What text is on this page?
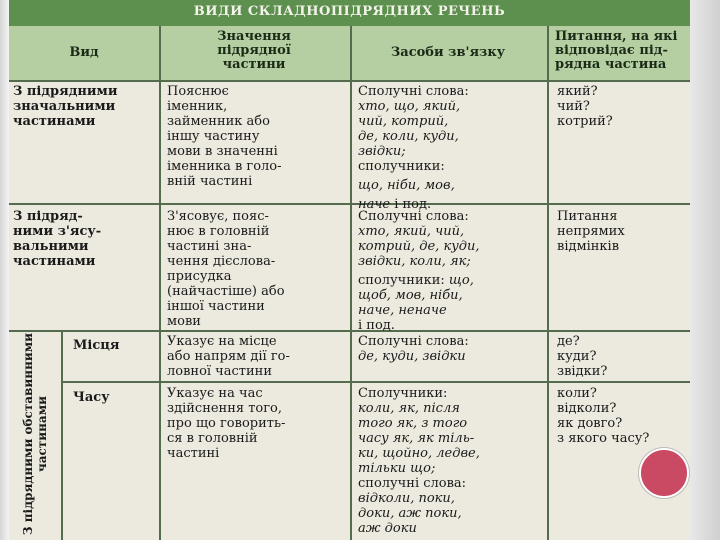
ВИДИ СКЛАДНОПІДРЯДНИХ РЕЧЕНЬ
Вид
Значення
підрядної
частини
Засоби зв'язку
Питання, на які
відповідає під-
рядна частина
З підрядними
значальними
частинами
Пояснює
іменник,
займенник або
іншу частину
мови в значенні
іменника в голо-
вній частині
Сполучні слова:
хто, що, який,
чий, котрий,
де, коли, куди,
звідки;
сполучники:
що, ніби, мов,
наче і под.
який?
чий?
котрий?
З підряд-
ними з'ясу-
вальними
частинами
З'ясовує, пояс-
нює в головній
частині зна-
чення дієслова-
присудка
(найчастіше) або
іншої частини
мови
Сполучні слова:
хто, який, чий,
котрий, де, куди,
звідки, коли, як;
сполучники: що,
щоб, мов, ніби,
наче, неначе
і под.
Питання
непрямих
відмінків
З підрядними обставинними
частинами
Місця	Указує на місце
або напрям дії го-
ловної частини
Сполучні слова:
де, куди, звідки
де?
куди?
звідки?
Часу	Указує на час
здійснення того,
про що говорить-
ся в головній
частині
Сполучники:
коли, як, після
того як, з того
часу як, як тіль-
ки, щойно, ледве,
тільки що;
сполучні слова:
відколи, поки,
доки, аж поки,
аж доки
коли?
відколи?
як довго?
з якого часу?
